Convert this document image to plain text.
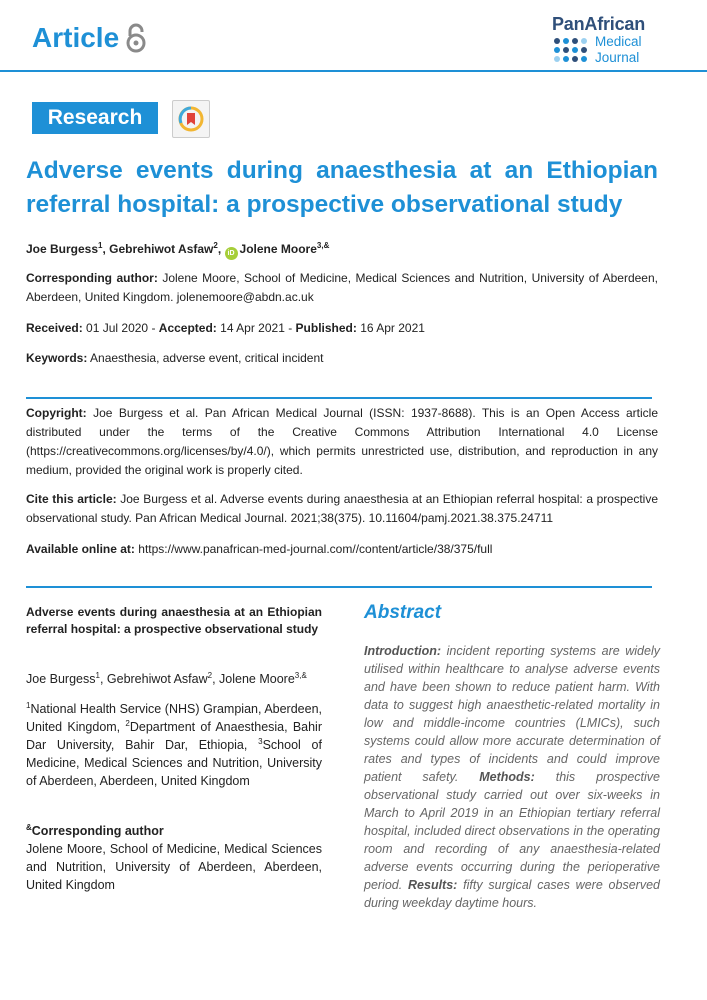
Article	PanAfrican
Medical
Journal
Research
Adverse events during anaesthesia at an Ethiopian referral hospital: a prospective observational study
Joe Burgess$^1$, Gebrehiwot Asfaw$^2$, iD Jolene Moore$^{3,\&}$
Corresponding author: Jolene Moore, School of Medicine, Medical Sciences and Nutrition, University of Aberdeen, Aberdeen, United Kingdom. jolenemoore@abdn.ac.uk
Received: 01 Jul 2020 - Accepted: 14 Apr 2021 - Published: 16 Apr 2021
Keywords: Anaesthesia, adverse event, critical incident
Copyright: Joe Burgess et al. Pan African Medical Journal (ISSN: 1937-8688). This is an Open Access article distributed under the terms of the Creative Commons Attribution International 4.0 License (https://creativecommons.org/licenses/by/4.0/), which permits unrestricted use, distribution, and reproduction in any medium, provided the original work is properly cited.
Cite this article: Joe Burgess et al. Adverse events during anaesthesia at an Ethiopian referral hospital: a prospective observational study. Pan African Medical Journal. 2021;38(375). 10.11604/pamj.2021.38.375.24711
Available online at: https://www.panafrican-med-journal.com//content/article/38/375/full
Adverse events during anaesthesia at an Ethiopian referral hospital: a prospective observational study
Joe Burgess$^1$, Gebrehiwot Asfaw$^2$, Jolene Moore$^{3,\&}$
$^1$National Health Service (NHS) Grampian, Aberdeen, United Kingdom, $^2$Department of Anaesthesia, Bahir Dar University, Bahir Dar, Ethiopia, $^3$School of Medicine, Medical Sciences and Nutrition, University of Aberdeen, Aberdeen, United Kingdom
&Corresponding author
Jolene Moore, School of Medicine, Medical Sciences and Nutrition, University of Aberdeen, Aberdeen, United Kingdom
Abstract
Introduction: incident reporting systems are widely utilised within healthcare to analyse adverse events and have been shown to reduce patient harm. With data to suggest high anaesthetic-related mortality in low and middle-income countries (LMICs), such systems could allow more accurate determination of rates and types of incidents and could improve patient safety. Methods: this prospective observational study carried out over six-weeks in March to April 2019 in an Ethiopian tertiary referral hospital, included direct observations in the operating room and recording of any anaesthesia-related adverse events occurring during the perioperative period. Results: fifty surgical cases were observed during weekday daytime hours.
